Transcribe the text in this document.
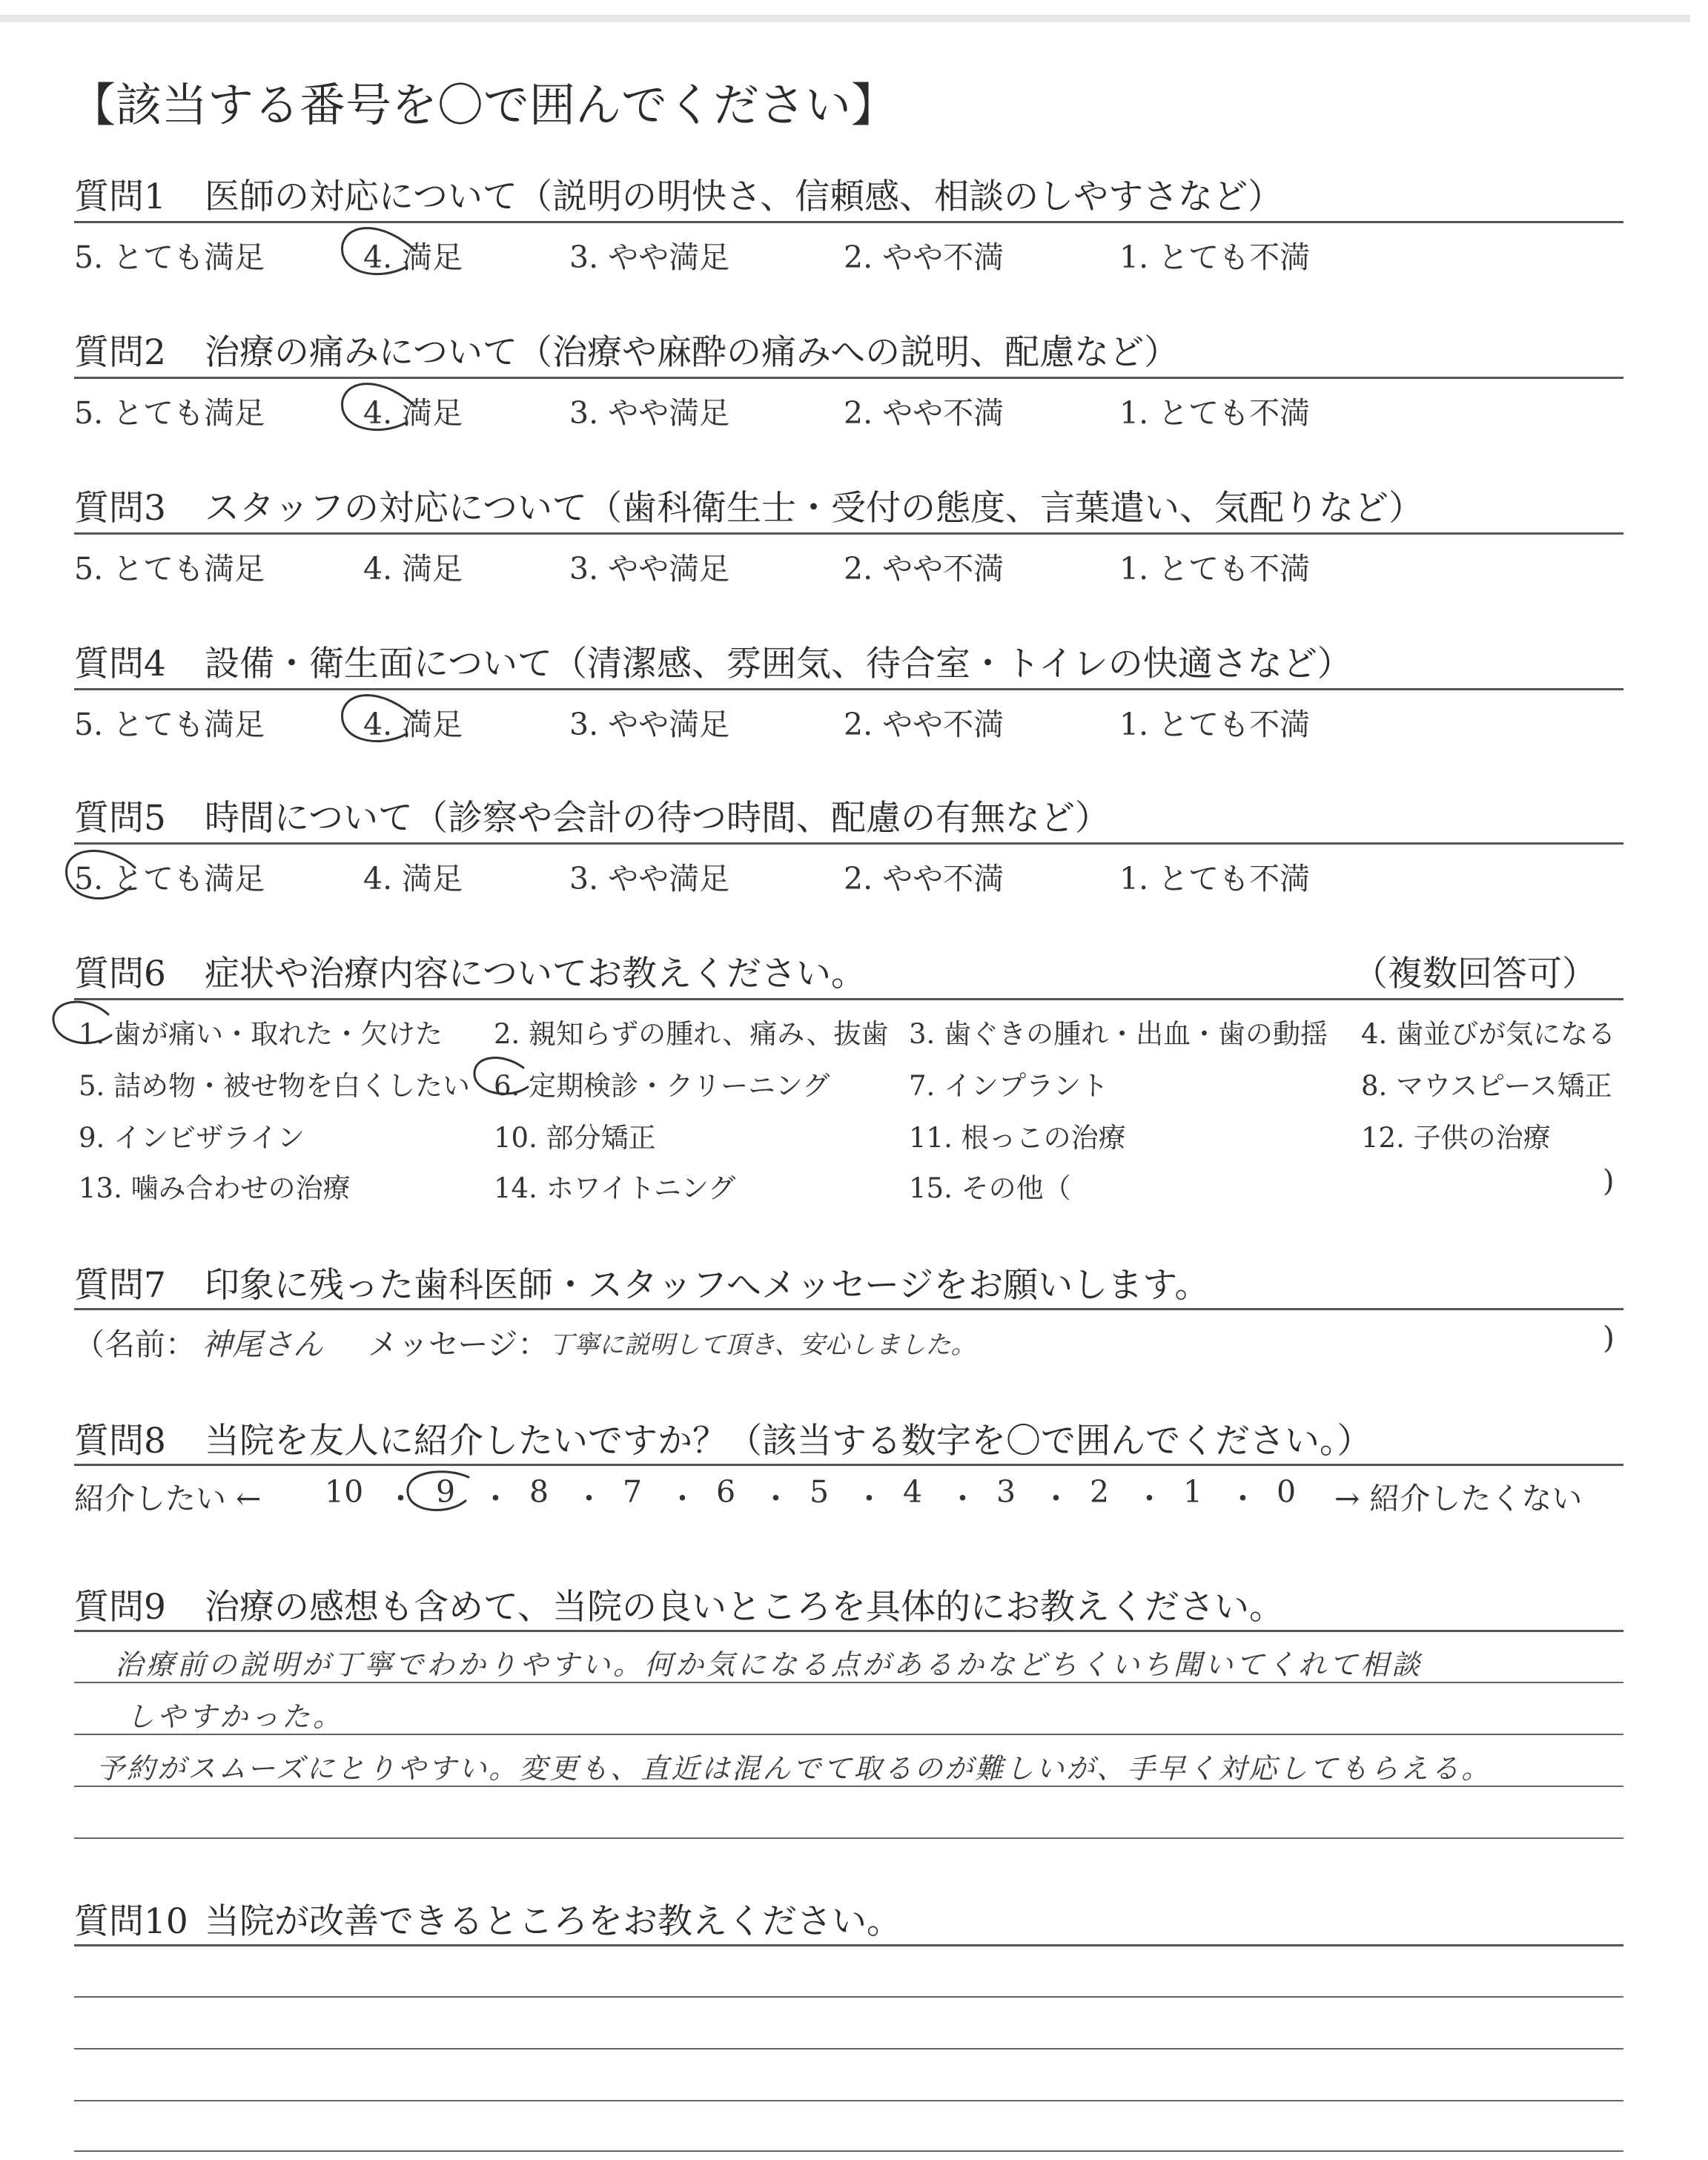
【該当する番号を〇で囲んでください】
質問1 医師の対応について（説明の明快さ、信頼感、相談のしやすさなど）
5. とても満足	4. 満足	3. やや満足	2. やや不満	1. とても不満
質問2 治療の痛みについて（治療や麻酔の痛みへの説明、配慮など）
5. とても満足	4. 満足	3. やや満足	2. やや不満	1. とても不満
質問3 スタッフの対応について（歯科衛生士・受付の態度、言葉遣い、気配りなど）
5. とても満足	4. 満足	3. やや満足	2. やや不満	1. とても不満
質問4 設備・衛生面について（清潔感、雰囲気、待合室・トイレの快適さなど）
5. とても満足	4. 満足	3. やや満足	2. やや不満	1. とても不満
質問5 時間について（診察や会計の待つ時間、配慮の有無など）
5. とても満足	4. 満足	3. やや満足	2. やや不満	1. とても不満
質問6 症状や治療内容についてお教えください。	（複数回答可）
1. 歯が痛い・取れた・欠けた 2. 親知らずの腫れ、痛み、抜歯 3. 歯ぐきの腫れ・出血・歯の動揺 4. 歯並びが気になる
5. 詰め物・被せ物を白くしたい 6. 定期検診・クリーニング	7. インプラント	8. マウスピース矯正
9. インビザライン	10. 部分矯正	11. 根っこの治療	12. 子供の治療
13. 噛み合わせの治療	14. ホワイトニング	15. その他（	)
質問7 印象に残った歯科医師・スタッフへメッセージをお願いします。
（名前： 神尾さん メッセージ： 丁寧に説明して頂き、安心しました。	)
質問8 当院を友人に紹介したいですか？（該当する数字を〇で囲んでください。）
紹介したい ← 10 ・ 9 ・ 8 ・ 7 ・ 6 ・ 5 ・ 4 ・ 3 ・ 2 ・ 1 ・ 0 → 紹介したくない
質問9 治療の感想も含めて、当院の良いところを具体的にお教えください。
治療前の説明が丁寧でわかりやすい。何か気になる点があるかなどちくいち聞いてくれて相談
しやすかった。
予約がスムーズにとりやすい。変更も、直近は混んでて取るのが難しいが、手早く対応してもらえる。
質問10 当院が改善できるところをお教えください。
